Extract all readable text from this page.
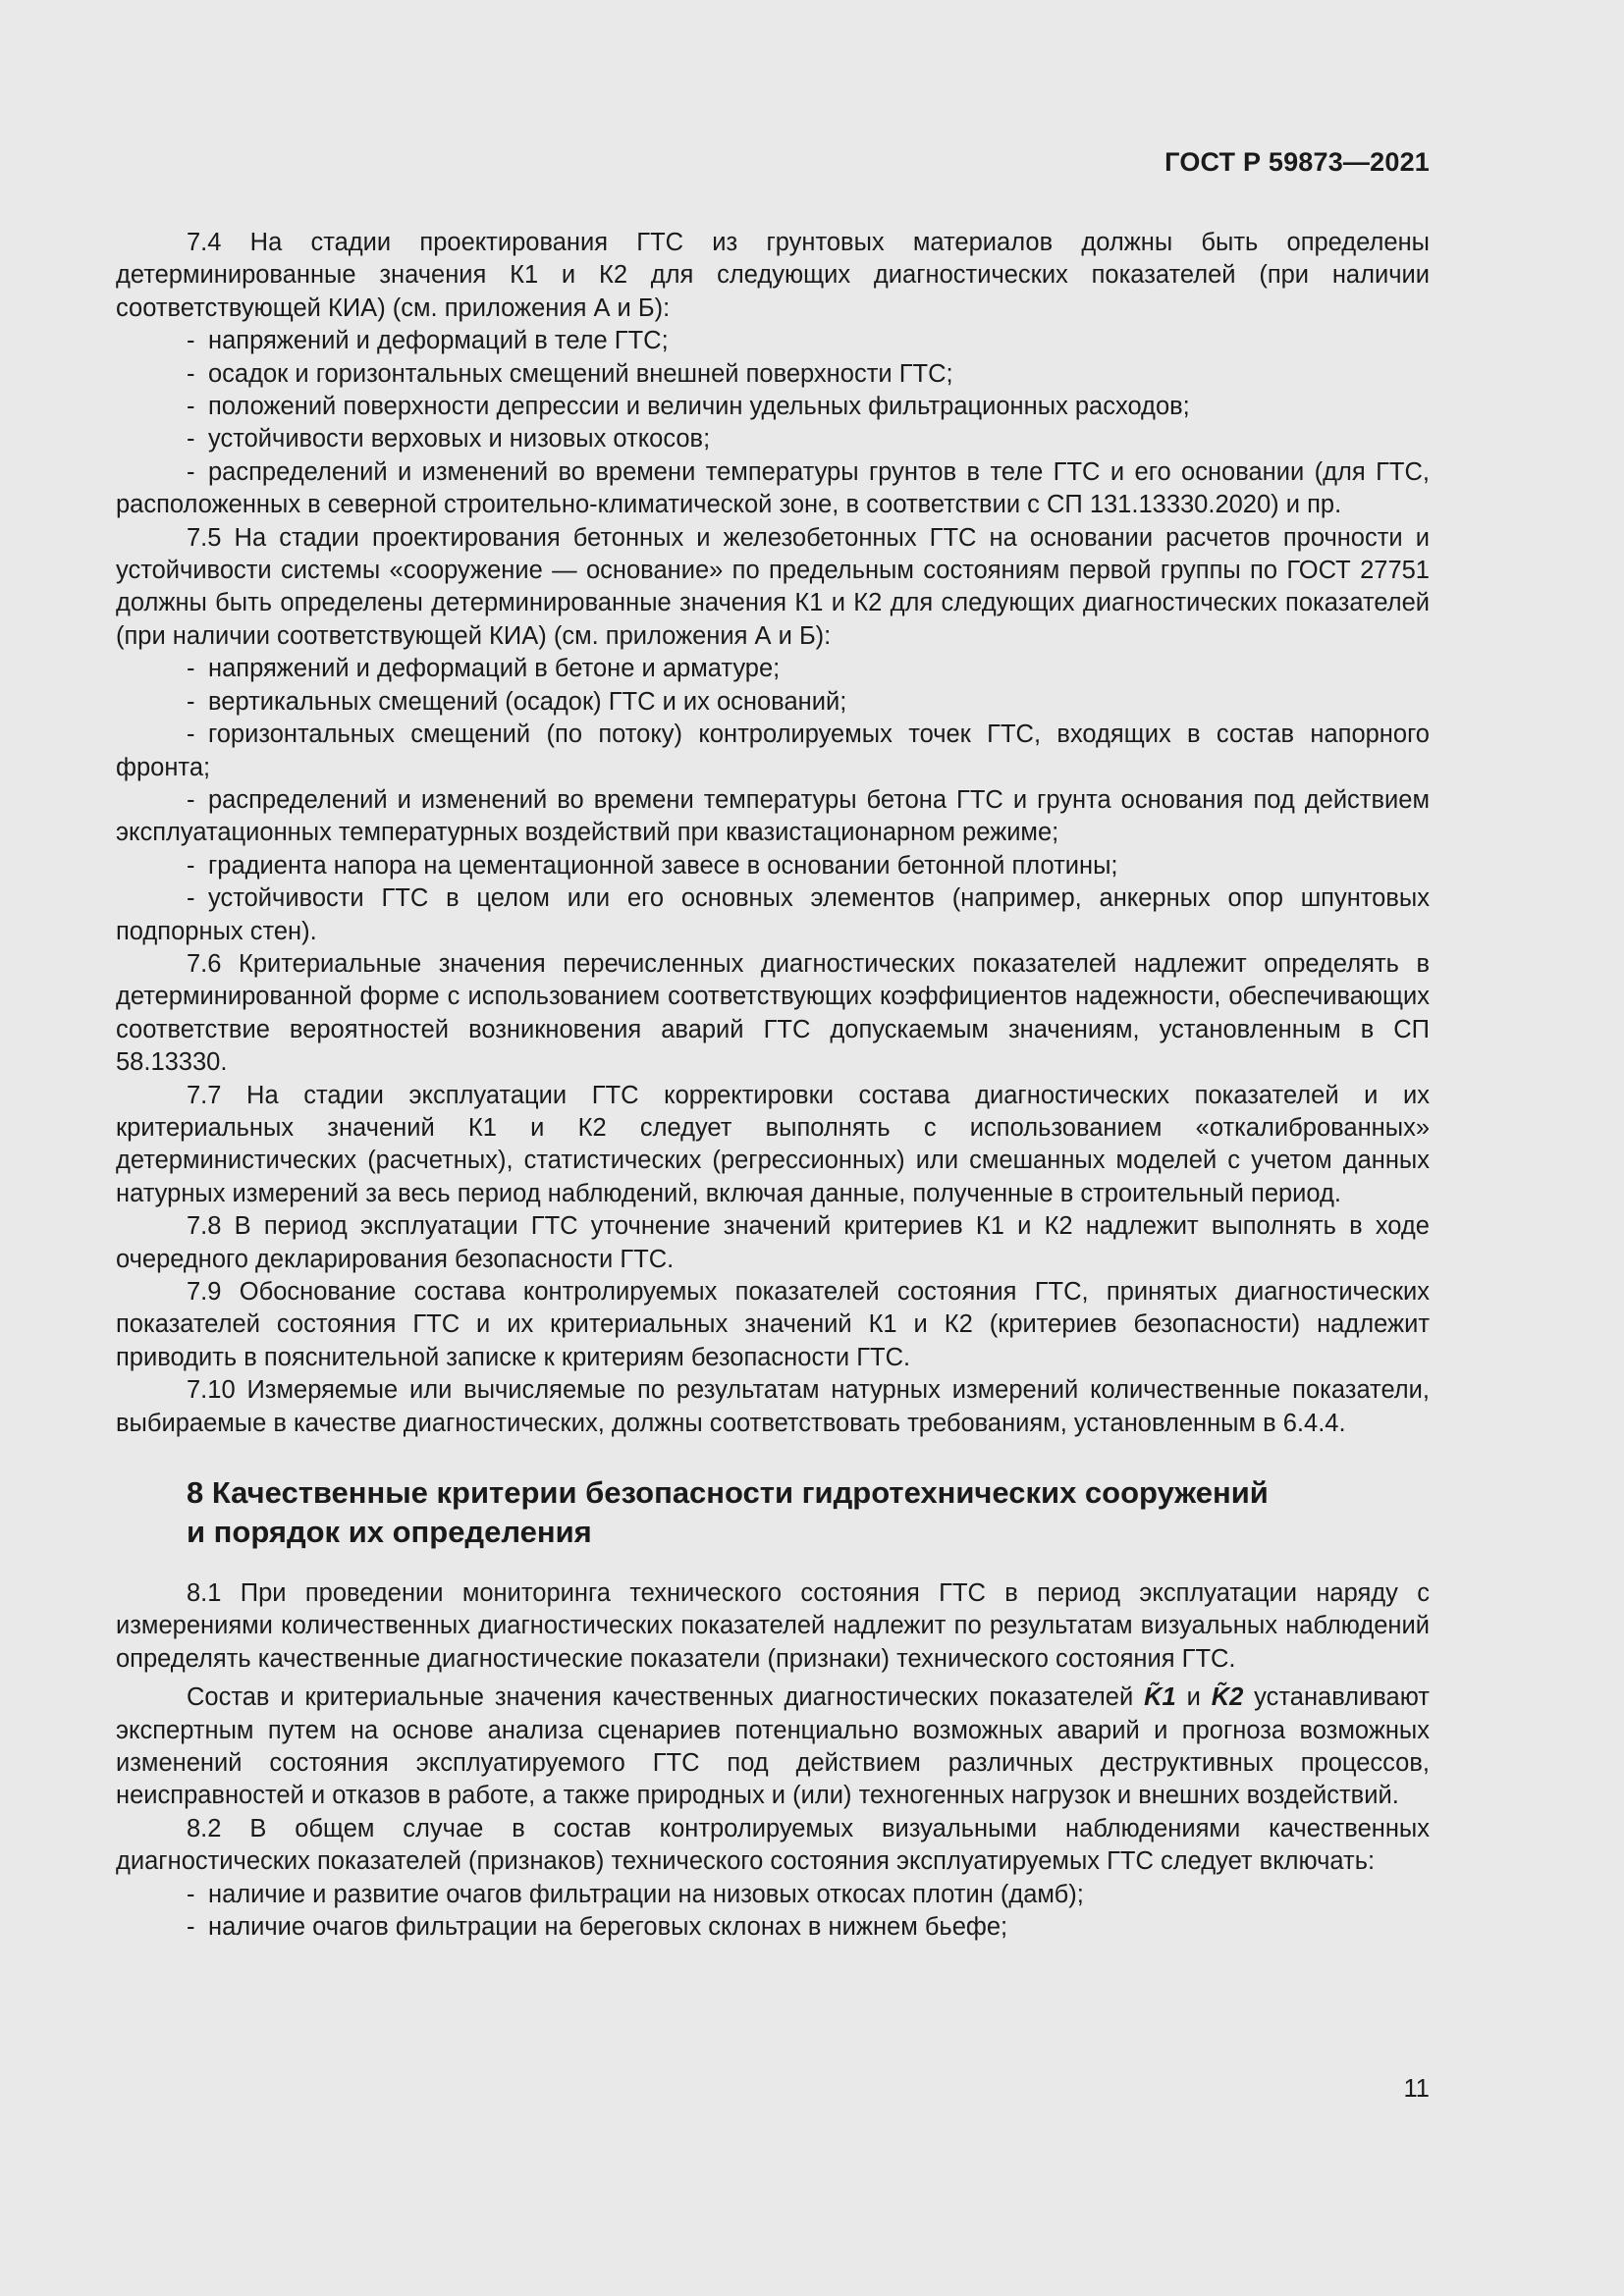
ГОСТ Р 59873—2021

7.4 На стадии проектирования ГТС из грунтовых материалов должны быть определены детерминированные значения К1 и К2 для следующих диагностических показателей (при наличии соответствующей КИА) (см. приложения А и Б):

- напряжений и деформаций в теле ГТС;

- осадок и горизонтальных смещений внешней поверхности ГТС;

- положений поверхности депрессии и величин удельных фильтрационных расходов;

- устойчивости верховых и низовых откосов;

- распределений и изменений во времени температуры грунтов в теле ГТС и его основании (для ГТС, расположенных в северной строительно-климатической зоне, в соответствии с СП 131.13330.2020) и пр.

7.5 На стадии проектирования бетонных и железобетонных ГТС на основании расчетов прочности и устойчивости системы «сооружение — основание» по предельным состояниям первой группы по ГОСТ 27751 должны быть определены детерминированные значения К1 и К2 для следующих диагностических показателей (при наличии соответствующей КИА) (см. приложения А и Б):

- напряжений и деформаций в бетоне и арматуре;

- вертикальных смещений (осадок) ГТС и их оснований;

- горизонтальных смещений (по потоку) контролируемых точек ГТС, входящих в состав напорного фронта;

- распределений и изменений во времени температуры бетона ГТС и грунта основания под действием эксплуатационных температурных воздействий при квазистационарном режиме;

- градиента напора на цементационной завесе в основании бетонной плотины;

- устойчивости ГТС в целом или его основных элементов (например, анкерных опор шпунтовых подпорных стен).

7.6 Критериальные значения перечисленных диагностических показателей надлежит определять в детерминированной форме с использованием соответствующих коэффициентов надежности, обеспечивающих соответствие вероятностей возникновения аварий ГТС допускаемым значениям, установленным в СП 58.13330.

7.7 На стадии эксплуатации ГТС корректировки состава диагностических показателей и их критериальных значений К1 и К2 следует выполнять с использованием «откалиброванных» детерминистических (расчетных), статистических (регрессионных) или смешанных моделей с учетом данных натурных измерений за весь период наблюдений, включая данные, полученные в строительный период.

7.8 В период эксплуатации ГТС уточнение значений критериев К1 и К2 надлежит выполнять в ходе очередного декларирования безопасности ГТС.

7.9 Обоснование состава контролируемых показателей состояния ГТС, принятых диагностических показателей состояния ГТС и их критериальных значений К1 и К2 (критериев безопасности) надлежит приводить в пояснительной записке к критериям безопасности ГТС.

7.10 Измеряемые или вычисляемые по результатам натурных измерений количественные показатели, выбираемые в качестве диагностических, должны соответствовать требованиям, установленным в 6.4.4.

8 Качественные критерии безопасности гидротехнических сооружений
и порядок их определения

8.1 При проведении мониторинга технического состояния ГТС в период эксплуатации наряду с измерениями количественных диагностических показателей надлежит по результатам визуальных наблюдений определять качественные диагностические показатели (признаки) технического состояния ГТС.

Состав и критериальные значения качественных диагностических показателей K̃1 и K̃2 устанавливают экспертным путем на основе анализа сценариев потенциально возможных аварий и прогноза возможных изменений состояния эксплуатируемого ГТС под действием различных деструктивных процессов, неисправностей и отказов в работе, а также природных и (или) техногенных нагрузок и внешних воздействий.

8.2 В общем случае в состав контролируемых визуальными наблюдениями качественных диагностических показателей (признаков) технического состояния эксплуатируемых ГТС следует включать:

- наличие и развитие очагов фильтрации на низовых откосах плотин (дамб);

- наличие очагов фильтрации на береговых склонах в нижнем бьефе;

11
